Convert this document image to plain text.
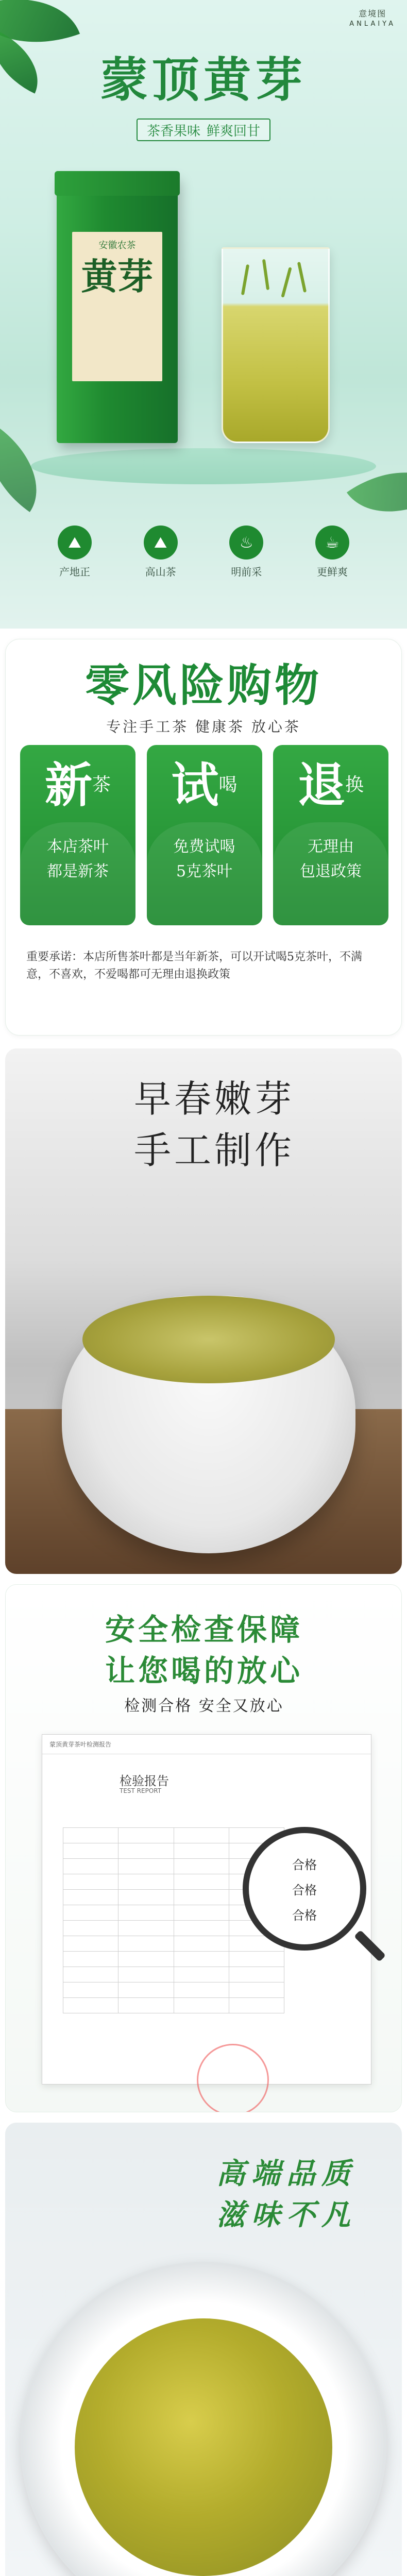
意境图
ANLAIYA
蒙顶黄芽
茶香果味 鲜爽回甘
安徽农茶
黄芽
⛰
产地正
⛰
高山茶
♨
明前采
☕
更鲜爽
零风险购物
专注手工茶 健康茶 放心茶
新茶
本店茶叶
都是新茶
试喝
免费试喝
5克茶叶
退换
无理由
包退政策
重要承诺：本店所售茶叶都是当年新茶，可以开试喝5克茶叶，不满意，不喜欢，不爱喝都可无理由退换政策
早春嫩芽
手工制作
安全检查保障
让您喝的放心
检测合格 安全又放心
蒙顶黄芽茶叶检测报告
检验报告
TEST REPORT

合格
合格
合格
高端品质
滋味不凡
